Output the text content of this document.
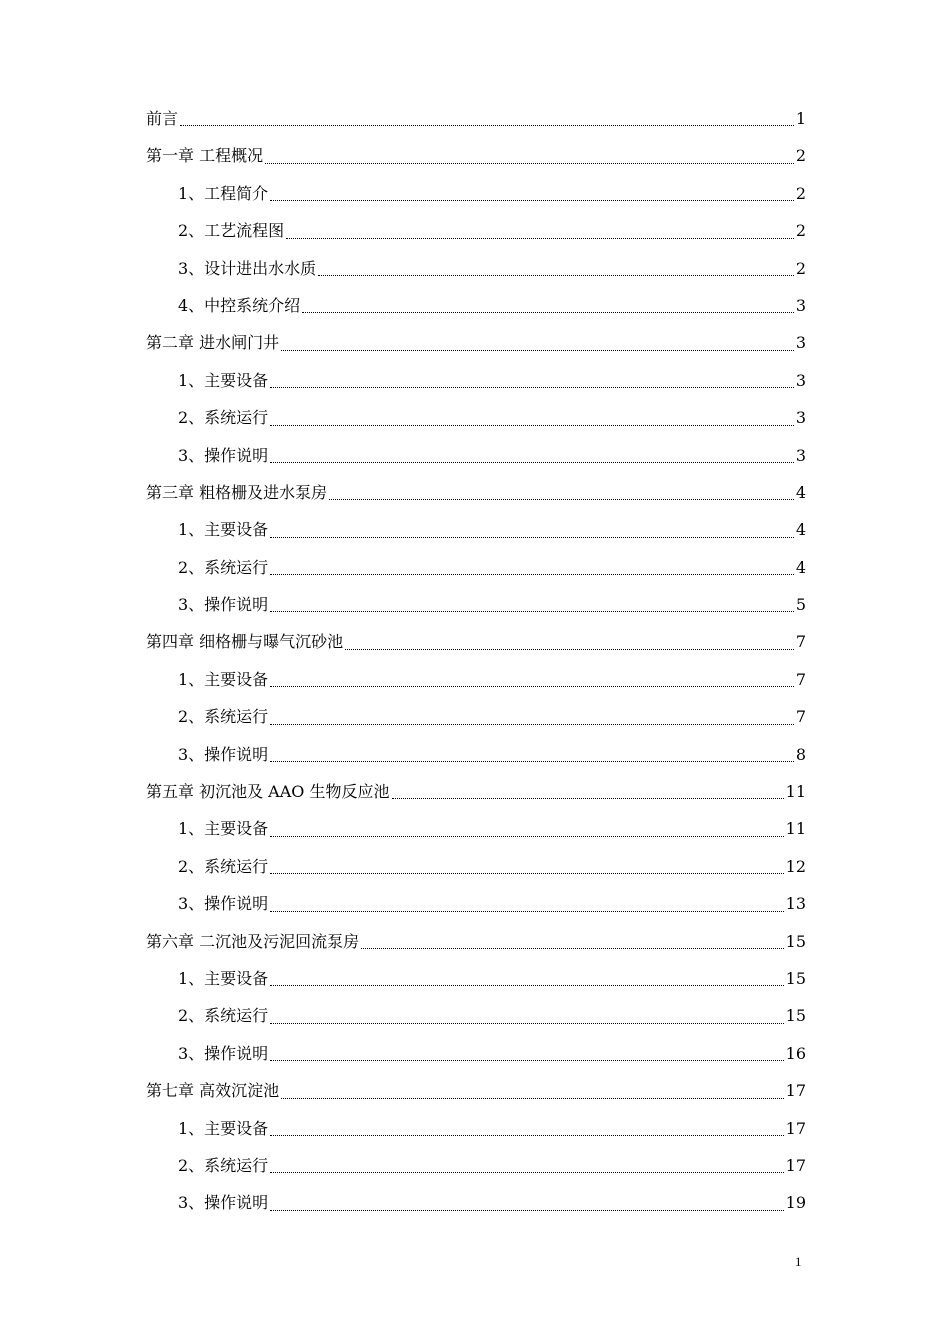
前言	1
第一章 工程概况	2
1、工程简介	2
2、工艺流程图	2
3、设计进出水水质	2
4、中控系统介绍	3
第二章 进水闸门井	3
1、主要设备	3
2、系统运行	3
3、操作说明	3
第三章 粗格栅及进水泵房	4
1、主要设备	4
2、系统运行	4
3、操作说明	5
第四章 细格栅与曝气沉砂池	7
1、主要设备	7
2、系统运行	7
3、操作说明	8
第五章 初沉池及 AAO 生物反应池	11
1、主要设备	11
2、系统运行	12
3、操作说明	13
第六章 二沉池及污泥回流泵房	15
1、主要设备	15
2、系统运行	15
3、操作说明	16
第七章 高效沉淀池	17
1、主要设备	17
2、系统运行	17
3、操作说明	19
1
